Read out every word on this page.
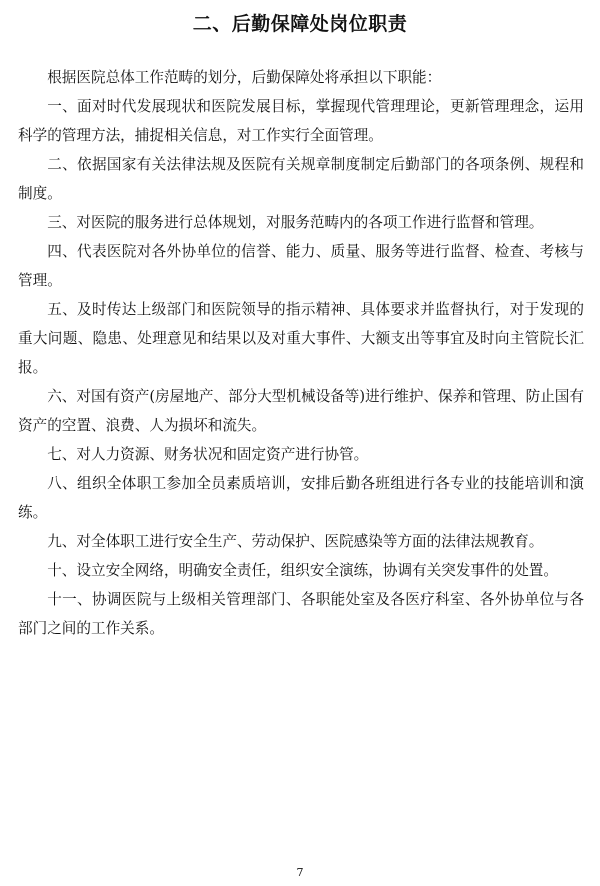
二、后勤保障处岗位职责

根据医院总体工作范畴的划分，后勤保障处将承担以下职能：

一、面对时代发展现状和医院发展目标，掌握现代管理理论，更新管理理念，运用科学的管理方法，捕捉相关信息，对工作实行全面管理。

二、依据国家有关法律法规及医院有关规章制度制定后勤部门的各项条例、规程和制度。

三、对医院的服务进行总体规划，对服务范畴内的各项工作进行监督和管理。

四、代表医院对各外协单位的信誉、能力、质量、服务等进行监督、检查、考核与管理。

五、及时传达上级部门和医院领导的指示精神、具体要求并监督执行，对于发现的重大问题、隐患、处理意见和结果以及对重大事件、大额支出等事宜及时向主管院长汇报。

六、对国有资产(房屋地产、部分大型机械设备等)进行维护、保养和管理、防止国有资产的空置、浪费、人为损坏和流失。

七、对人力资源、财务状况和固定资产进行协管。

八、组织全体职工参加全员素质培训，安排后勤各班组进行各专业的技能培训和演练。

九、对全体职工进行安全生产、劳动保护、医院感染等方面的法律法规教育。

十、设立安全网络，明确安全责任，组织安全演练，协调有关突发事件的处置。

十一、协调医院与上级相关管理部门、各职能处室及各医疗科室、各外协单位与各部门之间的工作关系。

7
